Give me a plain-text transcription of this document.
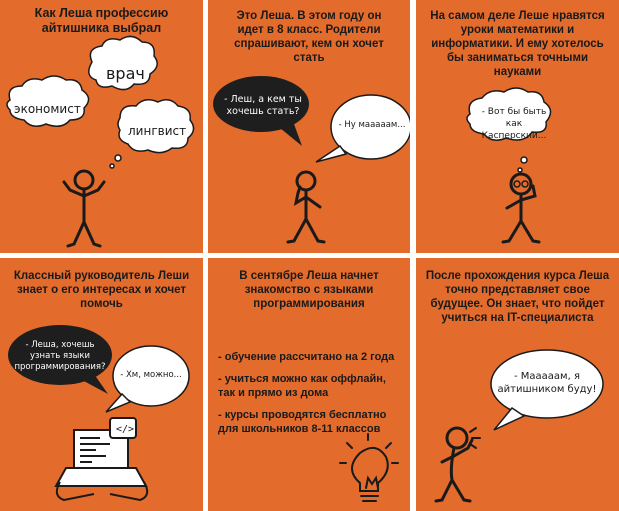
Как Леша профессию айтишника выбрал
врач
экономист
лингвист
Это Леша. В этом году он идет в 8 класс. Родители спрашивают, кем он хочет стать
- Леш, а кем ты хочешь стать?
- Ну мааааам...
На самом деле Леше нравятся уроки математики и информатики. И ему хотелось бы заниматься точными науками
- Вот бы быть как Касперский...
Классный руководитель Леши знает о его интересах и хочет помочь
</>
- Леша, хочешь узнать языки программирования?
- Хм, можно...
В сентябре Леша начнет знакомство с языками программирования
- обучение рассчитано на 2 года
- учиться можно как оффлайн, так и прямо из дома
- курсы проводятся бесплатно для школьников 8-11 классов
После прохождения курса Леша точно представляет свое будущее. Он знает, что пойдет учиться на IT-специалиста
- Мааааам, я айтишником буду!
